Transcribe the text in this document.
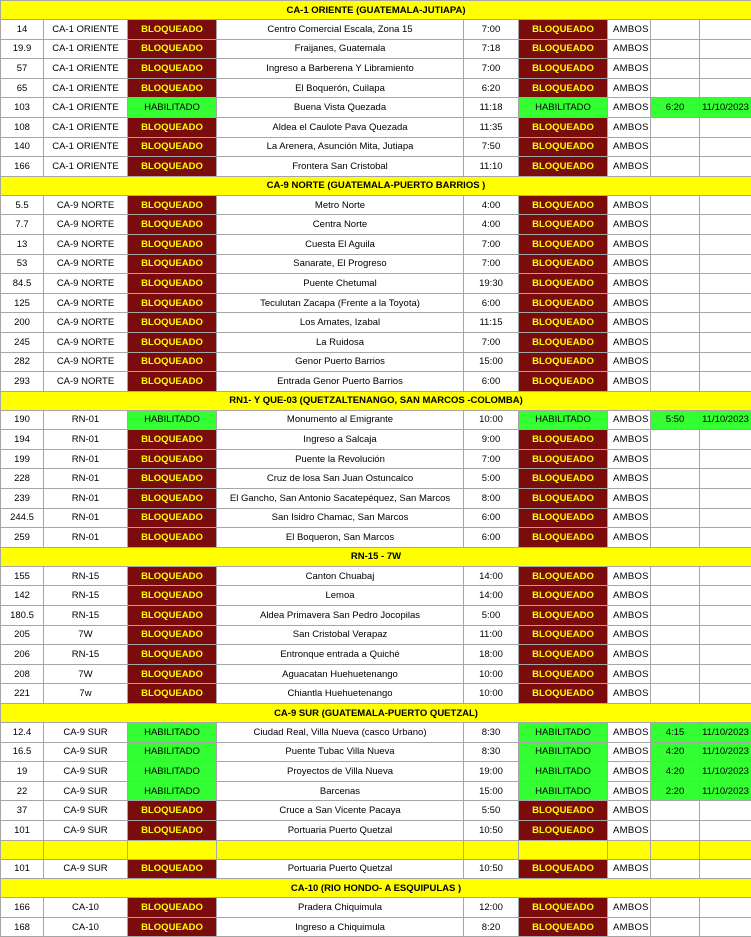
CA-1 ORIENTE (GUATEMALA-JUTIAPA)								
14	CA-1 ORIENTE	BLOQUEADO	Centro Comercial Escala, Zona 15	7:00	BLOQUEADO	AMBOS		
19.9	CA-1 ORIENTE	BLOQUEADO	Fraijanes, Guatemala	7:18	BLOQUEADO	AMBOS		
57	CA-1 ORIENTE	BLOQUEADO	Ingreso a Barberena Y Libramiento	7:00	BLOQUEADO	AMBOS		
65	CA-1 ORIENTE	BLOQUEADO	El Boquerón, Cuilapa	6:20	BLOQUEADO	AMBOS		
103	CA-1 ORIENTE	HABILITADO	Buena Vista Quezada	11:18	HABILITADO	AMBOS	6:20	11/10/2023
108	CA-1 ORIENTE	BLOQUEADO	Aldea el Caulote Pava Quezada	11:35	BLOQUEADO	AMBOS		
140	CA-1 ORIENTE	BLOQUEADO	La Arenera, Asunción Mita, Jutiapa	7:50	BLOQUEADO	AMBOS		
166	CA-1 ORIENTE	BLOQUEADO	Frontera San Cristobal	11:10	BLOQUEADO	AMBOS		
CA-9 NORTE (GUATEMALA-PUERTO BARRIOS )								
5.5	CA-9 NORTE	BLOQUEADO	Metro Norte	4:00	BLOQUEADO	AMBOS		
7.7	CA-9 NORTE	BLOQUEADO	Centra Norte	4:00	BLOQUEADO	AMBOS		
13	CA-9 NORTE	BLOQUEADO	Cuesta El Aguila	7:00	BLOQUEADO	AMBOS		
53	CA-9 NORTE	BLOQUEADO	Sanarate, El Progreso	7:00	BLOQUEADO	AMBOS		
84.5	CA-9 NORTE	BLOQUEADO	Puente Chetumal	19:30	BLOQUEADO	AMBOS		
125	CA-9 NORTE	BLOQUEADO	Teculutan Zacapa (Frente a la Toyota)	6:00	BLOQUEADO	AMBOS		
200	CA-9 NORTE	BLOQUEADO	Los Amates, Izabal	11:15	BLOQUEADO	AMBOS		
245	CA-9 NORTE	BLOQUEADO	La Ruidosa	7:00	BLOQUEADO	AMBOS		
282	CA-9 NORTE	BLOQUEADO	Genor Puerto Barrios	15:00	BLOQUEADO	AMBOS		
293	CA-9 NORTE	BLOQUEADO	Entrada Genor Puerto Barrios	6:00	BLOQUEADO	AMBOS		
RN1- Y QUE-03 (QUETZALTENANGO, SAN MARCOS -COLOMBA)								
190	RN-01	HABILITADO	Monumento al Emigrante	10:00	HABILITADO	AMBOS	5:50	11/10/2023
194	RN-01	BLOQUEADO	Ingreso a Salcaja	9:00	BLOQUEADO	AMBOS		
199	RN-01	BLOQUEADO	Puente la Revolución	7:00	BLOQUEADO	AMBOS		
228	RN-01	BLOQUEADO	Cruz de losa San Juan Ostuncalco	5:00	BLOQUEADO	AMBOS		
239	RN-01	BLOQUEADO	El Gancho, San Antonio Sacatepéquez, San Marcos	8:00	BLOQUEADO	AMBOS		
244.5	RN-01	BLOQUEADO	San Isidro Chamac, San Marcos	6:00	BLOQUEADO	AMBOS		
259	RN-01	BLOQUEADO	El Boqueron, San Marcos	6:00	BLOQUEADO	AMBOS		
RN-15 - 7W								
155	RN-15	BLOQUEADO	Canton Chuabaj	14:00	BLOQUEADO	AMBOS		
142	RN-15	BLOQUEADO	Lemoa	14:00	BLOQUEADO	AMBOS		
180.5	RN-15	BLOQUEADO	Aldea Primavera San Pedro Jocopilas	5:00	BLOQUEADO	AMBOS		
205	7W	BLOQUEADO	San Cristobal Verapaz	11:00	BLOQUEADO	AMBOS		
206	RN-15	BLOQUEADO	Entronque entrada a Quiché	18:00	BLOQUEADO	AMBOS		
208	7W	BLOQUEADO	Aguacatan Huehuetenango	10:00	BLOQUEADO	AMBOS		
221	7w	BLOQUEADO	Chiantla Huehuetenango	10:00	BLOQUEADO	AMBOS		
CA-9 SUR (GUATEMALA-PUERTO QUETZAL)								
12.4	CA-9 SUR	HABILITADO	Ciudad Real, Villa Nueva (casco Urbano)	8:30	HABILITADO	AMBOS	4:15	11/10/2023
16.5	CA-9 SUR	HABILITADO	Puente Tubac Villa Nueva	8:30	HABILITADO	AMBOS	4:20	11/10/2023
19	CA-9 SUR	HABILITADO	Proyectos de Villa Nueva	19:00	HABILITADO	AMBOS	4:20	11/10/2023
22	CA-9 SUR	HABILITADO	Barcenas	15:00	HABILITADO	AMBOS	2:20	11/10/2023
37	CA-9 SUR	BLOQUEADO	Cruce a San Vicente Pacaya	5:50	BLOQUEADO	AMBOS		
101	CA-9 SUR	BLOQUEADO	Portuaria Puerto Quetzal	10:50	BLOQUEADO	AMBOS		

101	CA-9 SUR	BLOQUEADO	Portuaria Puerto Quetzal	10:50	BLOQUEADO	AMBOS		
CA-10 (RIO HONDO- A ESQUIPULAS )								
166	CA-10	BLOQUEADO	Pradera Chiquimula	12:00	BLOQUEADO	AMBOS		
168	CA-10	BLOQUEADO	Ingreso a Chiquimula	8:20	BLOQUEADO	AMBOS		
